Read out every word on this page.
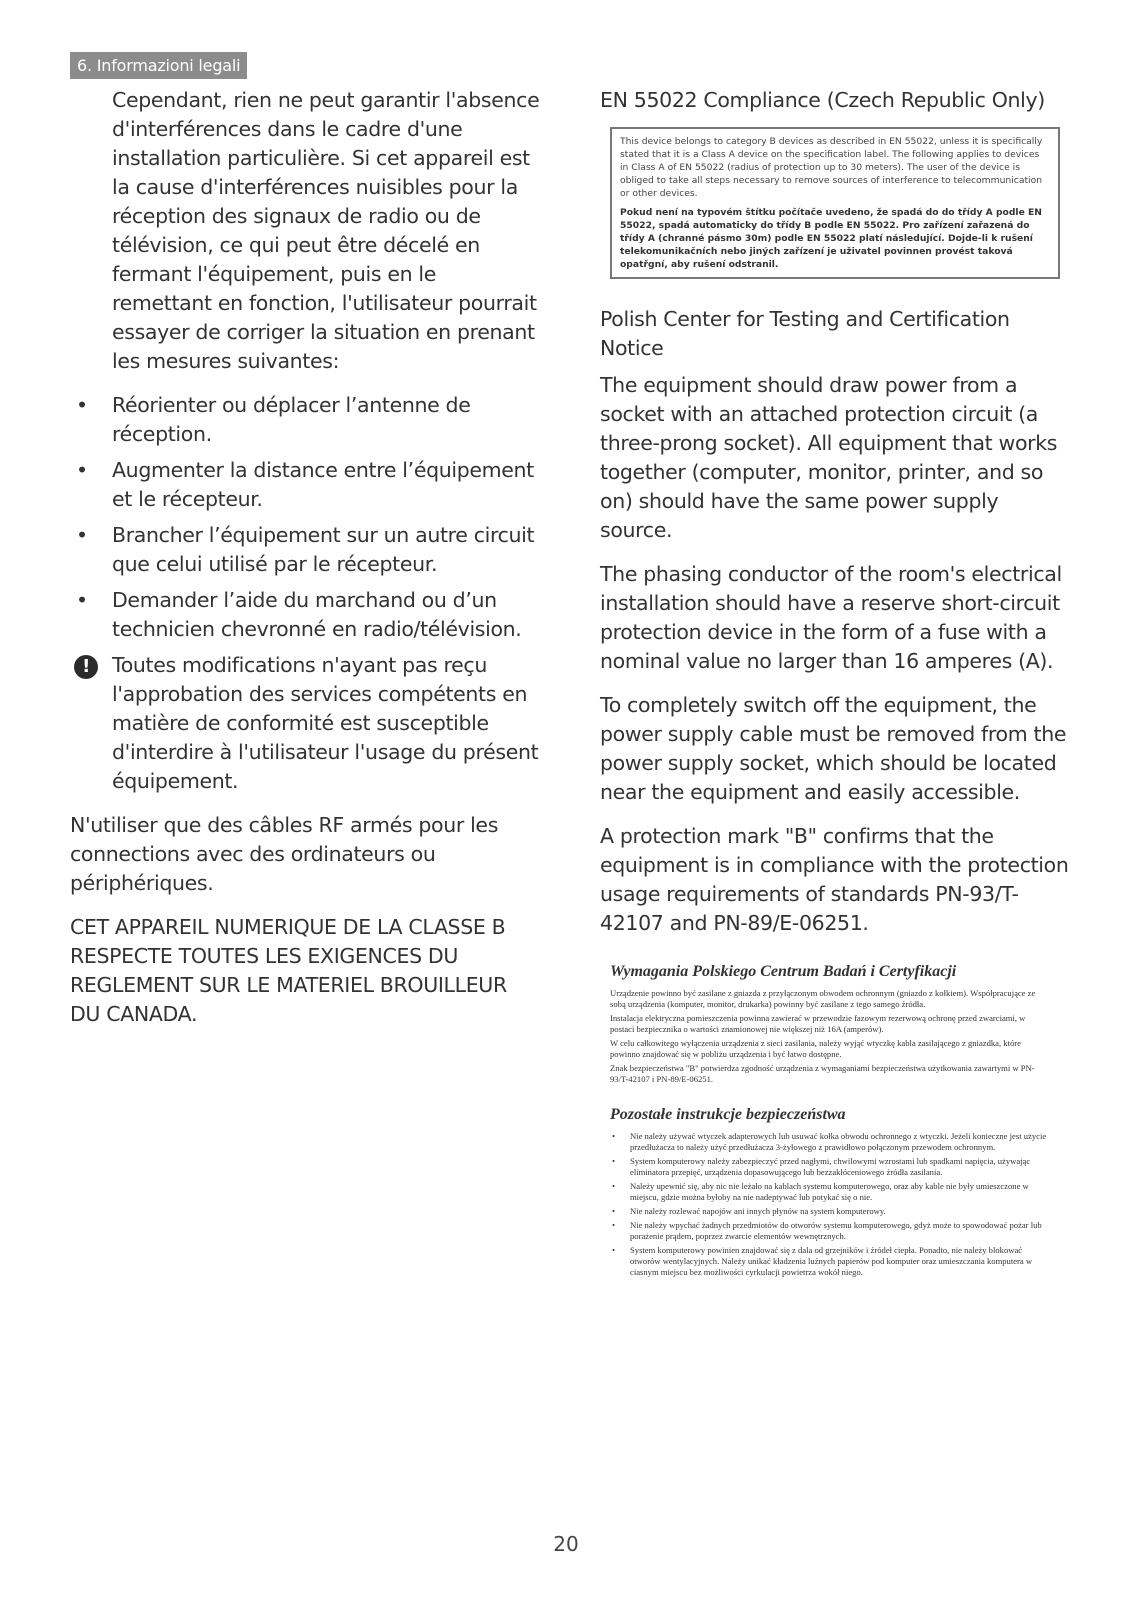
6. Informazioni legali

Cependant, rien ne peut garantir l'absence d'interférences dans le cadre d'une installation particulière. Si cet appareil est la cause d'interférences nuisibles pour la réception des signaux de radio ou de télévision, ce qui peut être décelé en fermant l'équipement, puis en le remettant en fonction, l'utilisateur pourrait essayer de corriger la situation en prenant les mesures suivantes:

• Réorienter ou déplacer l’antenne de réception.
• Augmenter la distance entre l’équipement et le récepteur.
• Brancher l’équipement sur un autre circuit que celui utilisé par le récepteur.
• Demander l’aide du marchand ou d’un technicien chevronné en radio/télévision.
!	Toutes modifications n'ayant pas reçu l'approbation des services compétents en matière de conformité est susceptible d'interdire à l'utilisateur l'usage du présent équipement.

N'utiliser que des câbles RF armés pour les connections avec des ordinateurs ou périphériques.

CET APPAREIL NUMERIQUE DE LA CLASSE B RESPECTE TOUTES LES EXIGENCES DU REGLEMENT SUR LE MATERIEL BROUILLEUR DU CANADA.

EN 55022 Compliance (Czech Republic Only)

This device belongs to category B devices as described in EN 55022, unless it is specifically stated that it is a Class A device on the specification label. The following applies to devices in Class A of EN 55022 (radius of protection up to 30 meters). The user of the device is obliged to take all steps necessary to remove sources of interference to telecommunication or other devices.

Pokud není na typovém štítku počítače uvedeno, že spadá do do třídy A podle EN 55022, spadá automaticky do třídy B podle EN 55022. Pro zařízení zařazená do třídy A (chranné pásmo 30m) podle EN 55022 platí následující. Dojde-li k rušení telekomunikačních nebo jiných zařízení je uživatel povinnen provést taková opatřgní, aby rušení odstranil.

Polish Center for Testing and Certification Notice

The equipment should draw power from a socket with an attached protection circuit (a three-prong socket). All equipment that works together (computer, monitor, printer, and so on) should have the same power supply source.

The phasing conductor of the room's electrical installation should have a reserve short-circuit protection device in the form of a fuse with a nominal value no larger than 16 amperes (A).

To completely switch off the equipment, the power supply cable must be removed from the power supply socket, which should be located near the equipment and easily accessible.

A protection mark "B" confirms that the equipment is in compliance with the protection usage requirements of standards PN-93/T-42107 and PN-89/E-06251.

Wymagania Polskiego Centrum Badań i Certyfikacji

Urządzenie powinno być zasilane z gniazda z przyłączonym obwodem ochronnym (gniazdo z kołkiem). Współpracujące ze sobą urządzenia (komputer, monitor, drukarka) powinny być zasilane z tego samego źródła.

Instalacja elektryczna pomieszczenia powinna zawierać w przewodzie fazowym rezerwową ochronę przed zwarciami, w postaci bezpiecznika o wartości znamionowej nie większej niż 16A (amperów).

W celu całkowitego wyłączenia urządzenia z sieci zasilania, należy wyjąć wtyczkę kabla zasilającego z gniazdka, które powinno znajdować się w pobliżu urządzenia i być łatwo dostępne.

Znak bezpieczeństwa "B" potwierdza zgodność urządzenia z wymaganiami bezpieczeństwa użytkowania zawartymi w PN-93/T-42107 i PN-89/E-06251.

Pozostałe instrukcje bezpieczeństwa
• Nie należy używać wtyczek adapterowych lub usuwać kołka obwodu ochronnego z wtyczki. Jeżeli konieczne jest użycie przedłużacza to należy użyć przedłużacza 3-żyłowego z prawidłowo połączonym przewodem ochronnym.
• System komputerowy należy zabezpieczyć przed nagłymi, chwilowymi wzrostami lub spadkami napięcia, używając eliminatora przepięć, urządzenia dopasowującego lub bezzakłóceniowego źródła zasilania.
• Należy upewnić się, aby nic nie leżało na kablach systemu komputerowego, oraz aby kable nie były umieszczone w miejscu, gdzie można byłoby na nie nadeptywać lub potykać się o nie.
• Nie należy rozlewać napojów ani innych płynów na system komputerowy.
• Nie należy wpychać żadnych przedmiotów do otworów systemu komputerowego, gdyż może to spowodować pożar lub porażenie prądem, poprzez zwarcie elementów wewnętrznych.
• System komputerowy powinien znajdować się z dala od grzejników i źródeł ciepła. Ponadto, nie należy blokować otworów wentylacyjnych. Należy unikać kładzenia luźnych papierów pod komputer oraz umieszczania komputera w ciasnym miejscu bez możliwości cyrkulacji powietrza wokół niego.
20
